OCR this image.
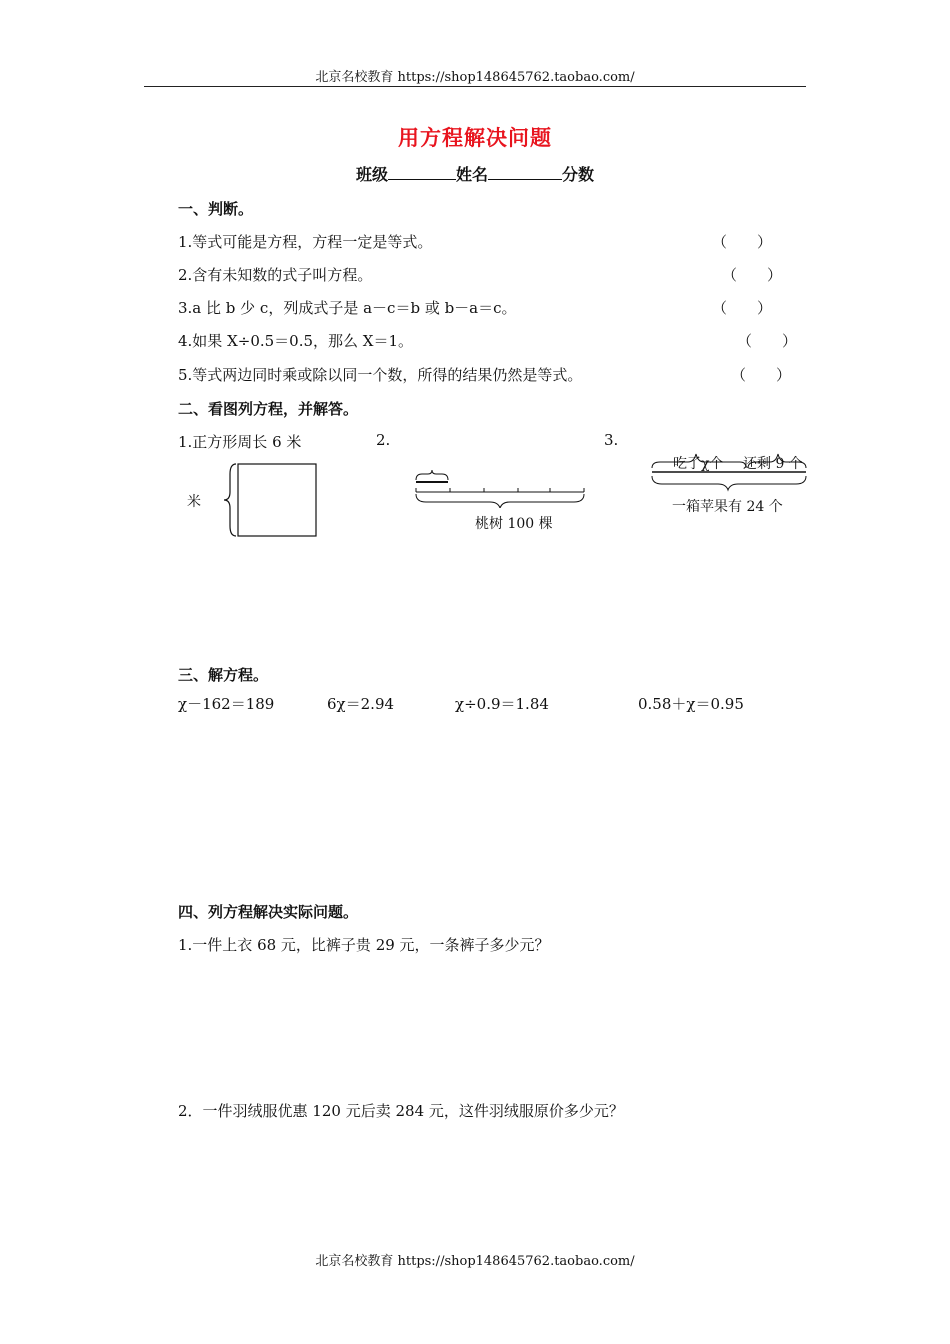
北京名校教育 https://shop148645762.taobao.com/
用方程解决问题
班级	姓名	分数
一、判断。
1.等式可能是方程，方程一定是等式。	（　　）
2.含有未知数的式子叫方程。	（　　）
3.a 比 b 少 c，列成式子是 a－c＝b 或 b－a＝c。	（　　）
4.如果 X÷0.5＝0.5，那么 X＝1。	（　　）
5.等式两边同时乘或除以同一个数，所得的结果仍然是等式。	（　　）
二、看图列方程，并解答。
1.正方形周长 6 米	2.	3.
米
桃树 100 棵
吃了χ个 还剩 9 个
一箱苹果有 24 个
三、解方程。
χ－162＝189	6χ＝2.94	χ÷0.9＝1.84	0.58＋χ＝0.95
四、列方程解决实际问题。
1.一件上衣 68 元，比裤子贵 29 元，一条裤子多少元？
2．一件羽绒服优惠 120 元后卖 284 元，这件羽绒服原价多少元？
北京名校教育 https://shop148645762.taobao.com/
